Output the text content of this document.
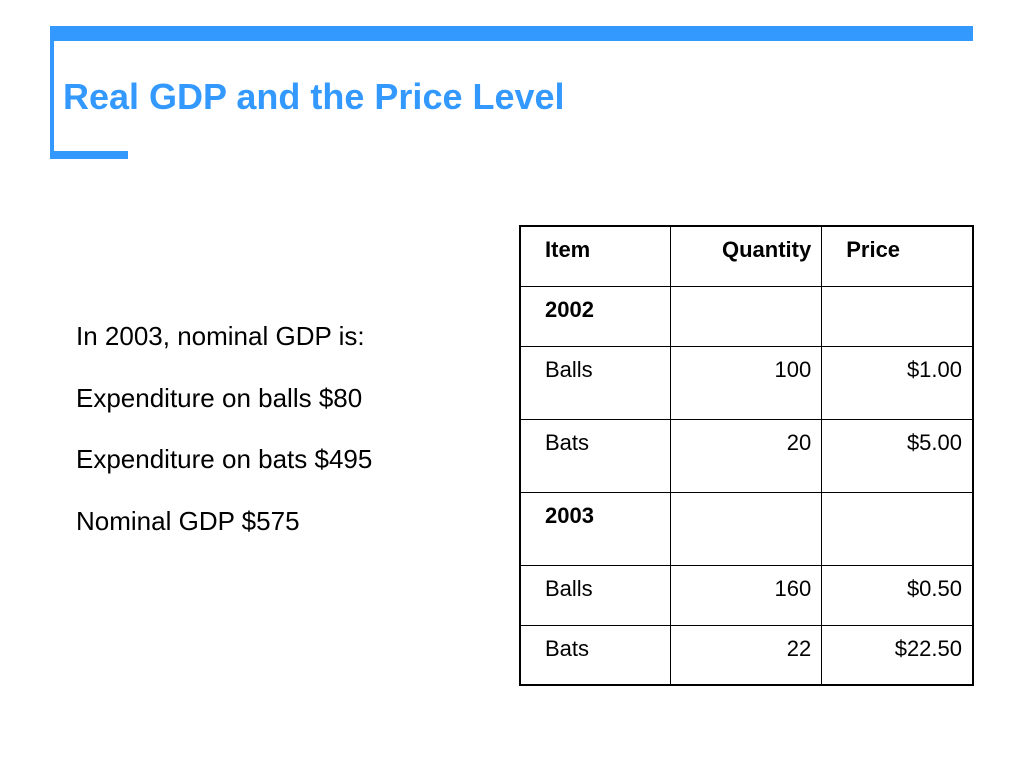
Real GDP and the Price Level
In 2003, nominal GDP is:
Expenditure on balls $80
Expenditure on bats $495
Nominal GDP $575
Item	Quantity	Price
2002		
Balls	100	$1.00
Bats	20	$5.00
2003		
Balls	160	$0.50
Bats	22	$22.50
